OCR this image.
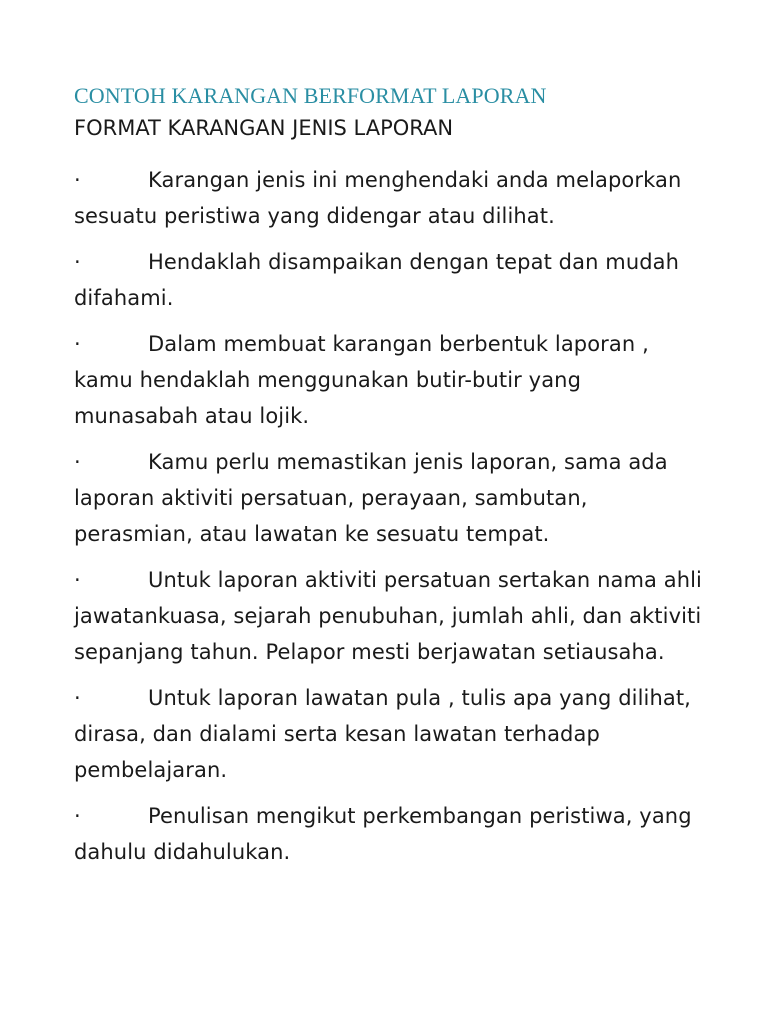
CONTOH KARANGAN BERFORMAT LAPORAN
FORMAT KARANGAN JENIS LAPORAN
·	Karangan jenis ini menghendaki anda melaporkan sesuatu peristiwa yang didengar atau dilihat.
·	Hendaklah disampaikan dengan tepat dan mudah difahami.
·	Dalam membuat karangan berbentuk laporan , kamu hendaklah menggunakan butir-butir yang munasabah atau lojik.
·	Kamu perlu memastikan jenis laporan, sama ada laporan aktiviti persatuan, perayaan, sambutan, perasmian, atau lawatan ke sesuatu tempat.
·	Untuk laporan aktiviti persatuan sertakan nama ahli jawatankuasa, sejarah penubuhan, jumlah ahli, dan aktiviti sepanjang tahun. Pelapor mesti berjawatan setiausaha.
·	Untuk laporan lawatan pula , tulis apa yang dilihat, dirasa, dan dialami serta kesan lawatan terhadap pembelajaran.
·	Penulisan mengikut perkembangan peristiwa, yang dahulu didahulukan.
